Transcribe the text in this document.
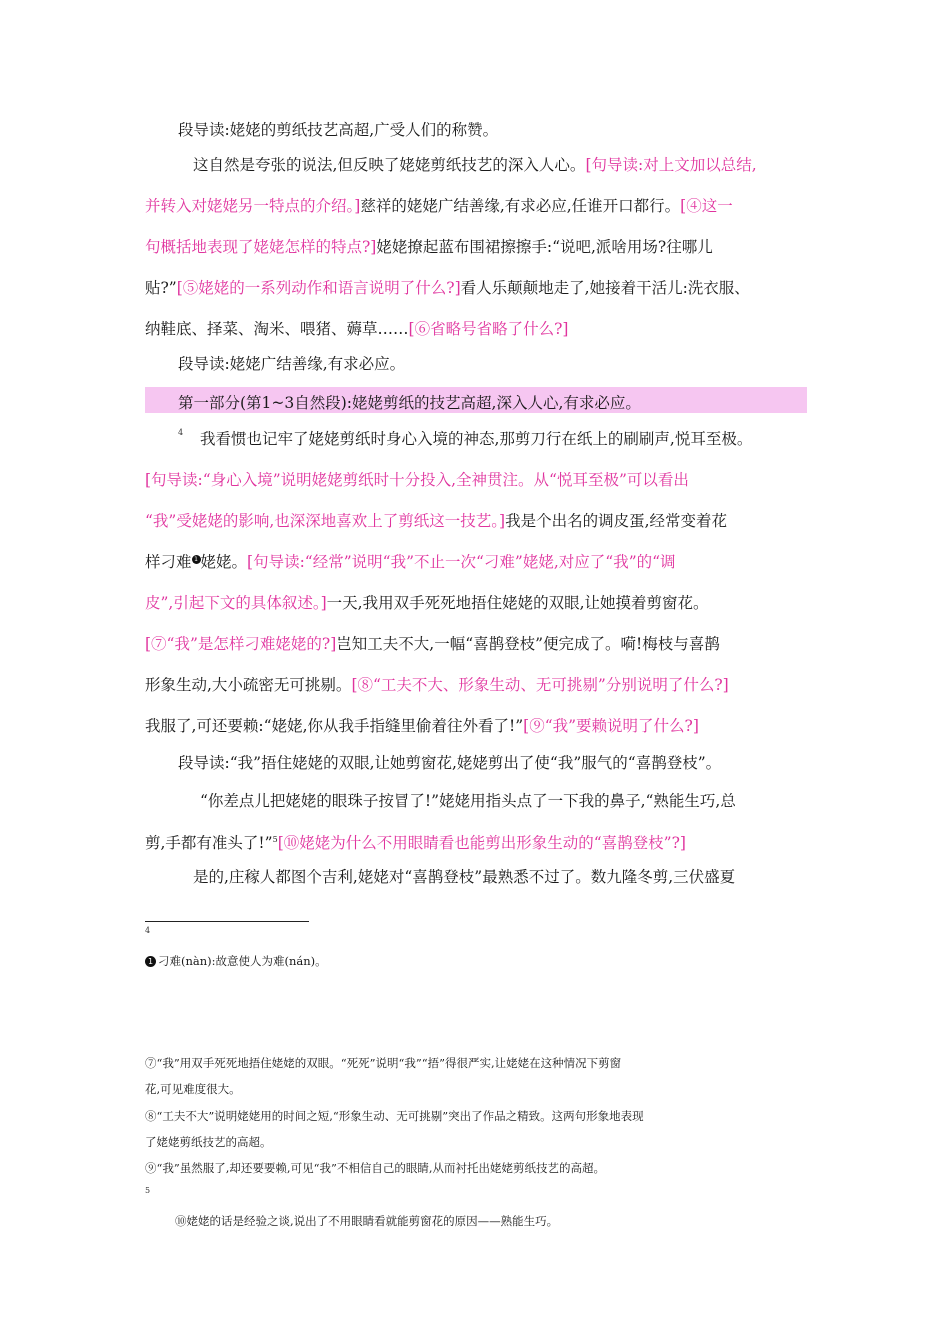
段导读:姥姥的剪纸技艺高超,广受人们的称赞。
这自然是夸张的说法,但反映了姥姥剪纸技艺的深入人心。[句导读:对上文加以总结,
并转入对姥姥另一特点的介绍。]慈祥的姥姥广结善缘,有求必应,任谁开口都行。[④这一
句概括地表现了姥姥怎样的特点?]姥姥撩起蓝布围裙擦擦手:“说吧,派啥用场?往哪儿
贴?”[⑤姥姥的一系列动作和语言说明了什么?]看人乐颠颠地走了,她接着干活儿:洗衣服、
纳鞋底、择菜、淘米、喂猪、薅草……[⑥省略号省略了什么?]
段导读:姥姥广结善缘,有求必应。
第一部分(第1~3自然段):姥姥剪纸的技艺高超,深入人心,有求必应。
我看惯也记牢了姥姥剪纸时身心入境的神态,那剪刀行在纸上的刷刷声,悦耳至极。
[句导读:“身心入境”说明姥姥剪纸时十分投入,全神贯注。从“悦耳至极”可以看出
“我”受姥姥的影响,也深深地喜欢上了剪纸这一技艺。]我是个出名的调皮蛋,经常变着花
样刁难 1 姥姥。[句导读:“经常”说明“我”不止一次“刁难”姥姥,对应了“我”的“调
皮”,引起下文的具体叙述。]一天,我用双手死死地捂住姥姥的双眼,让她摸着剪窗花。
[⑦“我”是怎样刁难姥姥的?]岂知工夫不大,一幅“喜鹊登枝”便完成了。嗬!梅枝与喜鹊
形象生动,大小疏密无可挑剔。[⑧“工夫不大、形象生动、无可挑剔”分别说明了什么?]
我服了,可还要赖:“姥姥,你从我手指缝里偷着往外看了!”[⑨“我”要赖说明了什么?]
段导读:“我”捂住姥姥的双眼,让她剪窗花,姥姥剪出了使“我”服气的“喜鹊登枝”。
“你差点儿把姥姥的眼珠子按冒了!”姥姥用指头点了一下我的鼻子,“熟能生巧,总
剪,手都有准头了!”$^5$[⑩姥姥为什么不用眼睛看也能剪出形象生动的“喜鹊登枝”?]
是的,庄稼人都图个吉利,姥姥对“喜鹊登枝”最熟悉不过了。数九隆冬剪,三伏盛夏
4
4
1 刁难(nàn):故意使人为难(nán)。
⑦“我”用双手死死地捂住姥姥的双眼。“死死”说明“我”“捂”得很严实,让姥姥在这种情况下剪窗
花,可见难度很大。
⑧“工夫不大”说明姥姥用的时间之短,“形象生动、无可挑剔”突出了作品之精致。这两句形象地表现
了姥姥剪纸技艺的高超。
⑨“我”虽然服了,却还要要赖,可见“我”不相信自己的眼睛,从而衬托出姥姥剪纸技艺的高超。
5
⑩姥姥的话是经验之谈,说出了不用眼睛看就能剪窗花的原因——熟能生巧。
